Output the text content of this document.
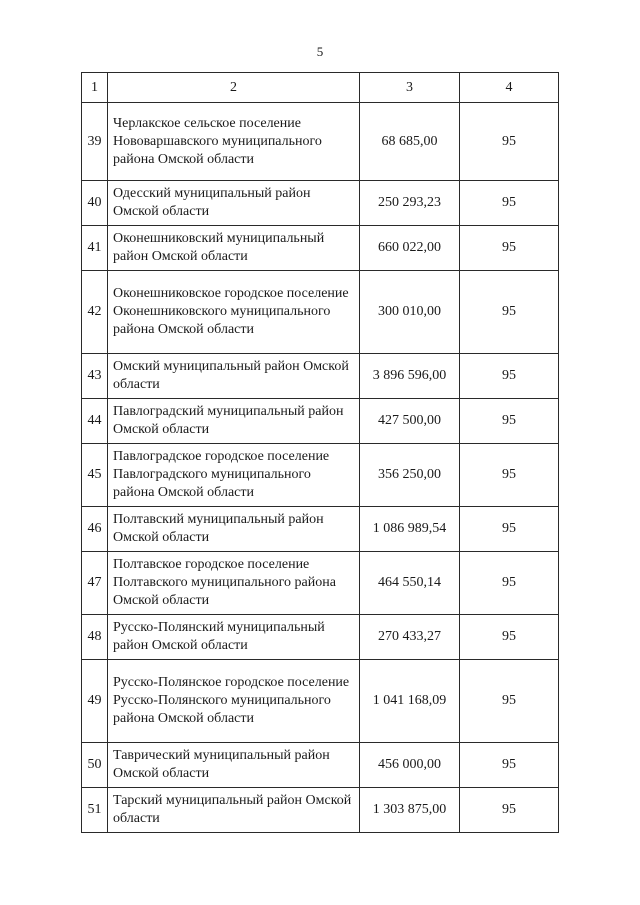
5
1	2	3	4
39	Черлакское сельское поселение Нововаршавского муниципального района Омской области	68 685,00	95
40	Одесский муниципальный район Омской области	250 293,23	95
41	Оконешниковский муниципальный район Омской области	660 022,00	95
42	Оконешниковское городское поселение Оконешниковского муниципального района Омской области	300 010,00	95
43	Омский муниципальный район Омской области	3 896 596,00	95
44	Павлоградский муниципальный район Омской области	427 500,00	95
45	Павлоградское городское поселение Павлоградского муниципального района Омской области	356 250,00	95
46	Полтавский муниципальный район Омской области	1 086 989,54	95
47	Полтавское городское поселение Полтавского муниципального района Омской области	464 550,14	95
48	Русско-Полянский муниципальный район Омской области	270 433,27	95
49	Русско-Полянское городское поселение Русско-Полянского муниципального района Омской области	1 041 168,09	95
50	Таврический муниципальный район Омской области	456 000,00	95
51	Тарский муниципальный район Омской области	1 303 875,00	95
